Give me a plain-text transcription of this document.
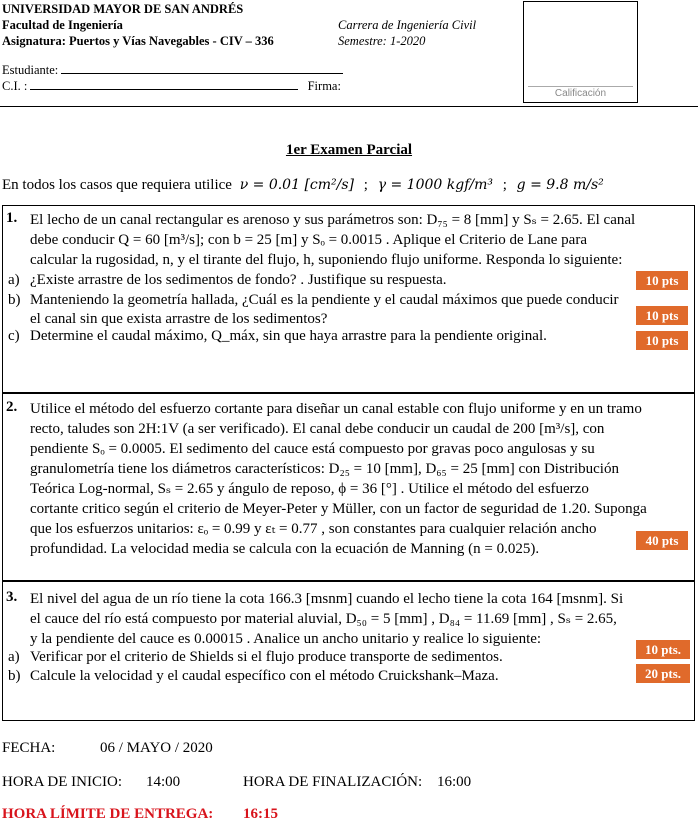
UNIVERSIDAD MAYOR DE SAN ANDRÉS
Facultad de Ingeniería
Asignatura: Puertos y Vías Navegables - CIV – 336
Carrera de Ingeniería Civil
Semestre: 1-2020
Estudiante:
C.I. :	Firma:
Calificación
1er Examen Parcial
En todos los casos que requiera utilice ν = 0.01 [cm²/s] ; γ = 1000 kgf/m³ ; g = 9.8 m/s²
1. El lecho de un canal rectangular es arenoso y sus parámetros son: D₇₅ = 8 [mm] y Sₛ = 2.65. El canal
debe conducir Q = 60 [m³/s]; con b = 25 [m] y Sₒ = 0.0015 . Aplique el Criterio de Lane para
calcular la rugosidad, n, y el tirante del flujo, h, suponiendo flujo uniforme. Responda lo siguiente:
a) ¿Existe arrastre de los sedimentos de fondo? . Justifique su respuesta.	10 pts
b) Manteniendo la geometría hallada, ¿Cuál es la pendiente y el caudal máximos que puede conducir
el canal sin que exista arrastre de los sedimentos?	10 pts
c) Determine el caudal máximo, Q_máx, sin que haya arrastre para la pendiente original.	10 pts
2. Utilice el método del esfuerzo cortante para diseñar un canal estable con flujo uniforme y en un tramo
recto, taludes son 2H:1V (a ser verificado). El canal debe conducir un caudal de 200 [m³/s], con
pendiente Sₒ = 0.0005. El sedimento del cauce está compuesto por gravas poco angulosas y su
granulometría tiene los diámetros característicos: D₂₅ = 10 [mm], D₆₅ = 25 [mm] con Distribución
Teórica Log-normal, Sₛ = 2.65 y ángulo de reposo, ϕ = 36 [°] . Utilice el método del esfuerzo
cortante critico según el criterio de Meyer-Peter y Müller, con un factor de seguridad de 1.20. Suponga
que los esfuerzos unitarios: εₒ = 0.99 y εₜ = 0.77 , son constantes para cualquier relación ancho
profundidad. La velocidad media se calcula con la ecuación de Manning (n = 0.025).
40 pts
3. El nivel del agua de un río tiene la cota 166.3 [msnm] cuando el lecho tiene la cota 164 [msnm]. Si
el cauce del río está compuesto por material aluvial, D₅₀ = 5 [mm] , D₈₄ = 11.69 [mm] , Sₛ = 2.65,
y la pendiente del cauce es 0.00015 . Analice un ancho unitario y realice lo siguiente:
a) Verificar por el criterio de Shields si el flujo produce transporte de sedimentos.	10 pts.
b) Calcule la velocidad y el caudal específico con el método Cruickshank–Maza.	20 pts.
FECHA:	06 / MAYO / 2020
HORA DE INICIO: 14:00	HORA DE FINALIZACIÓN: 16:00
HORA LÍMITE DE ENTREGA: 16:15
